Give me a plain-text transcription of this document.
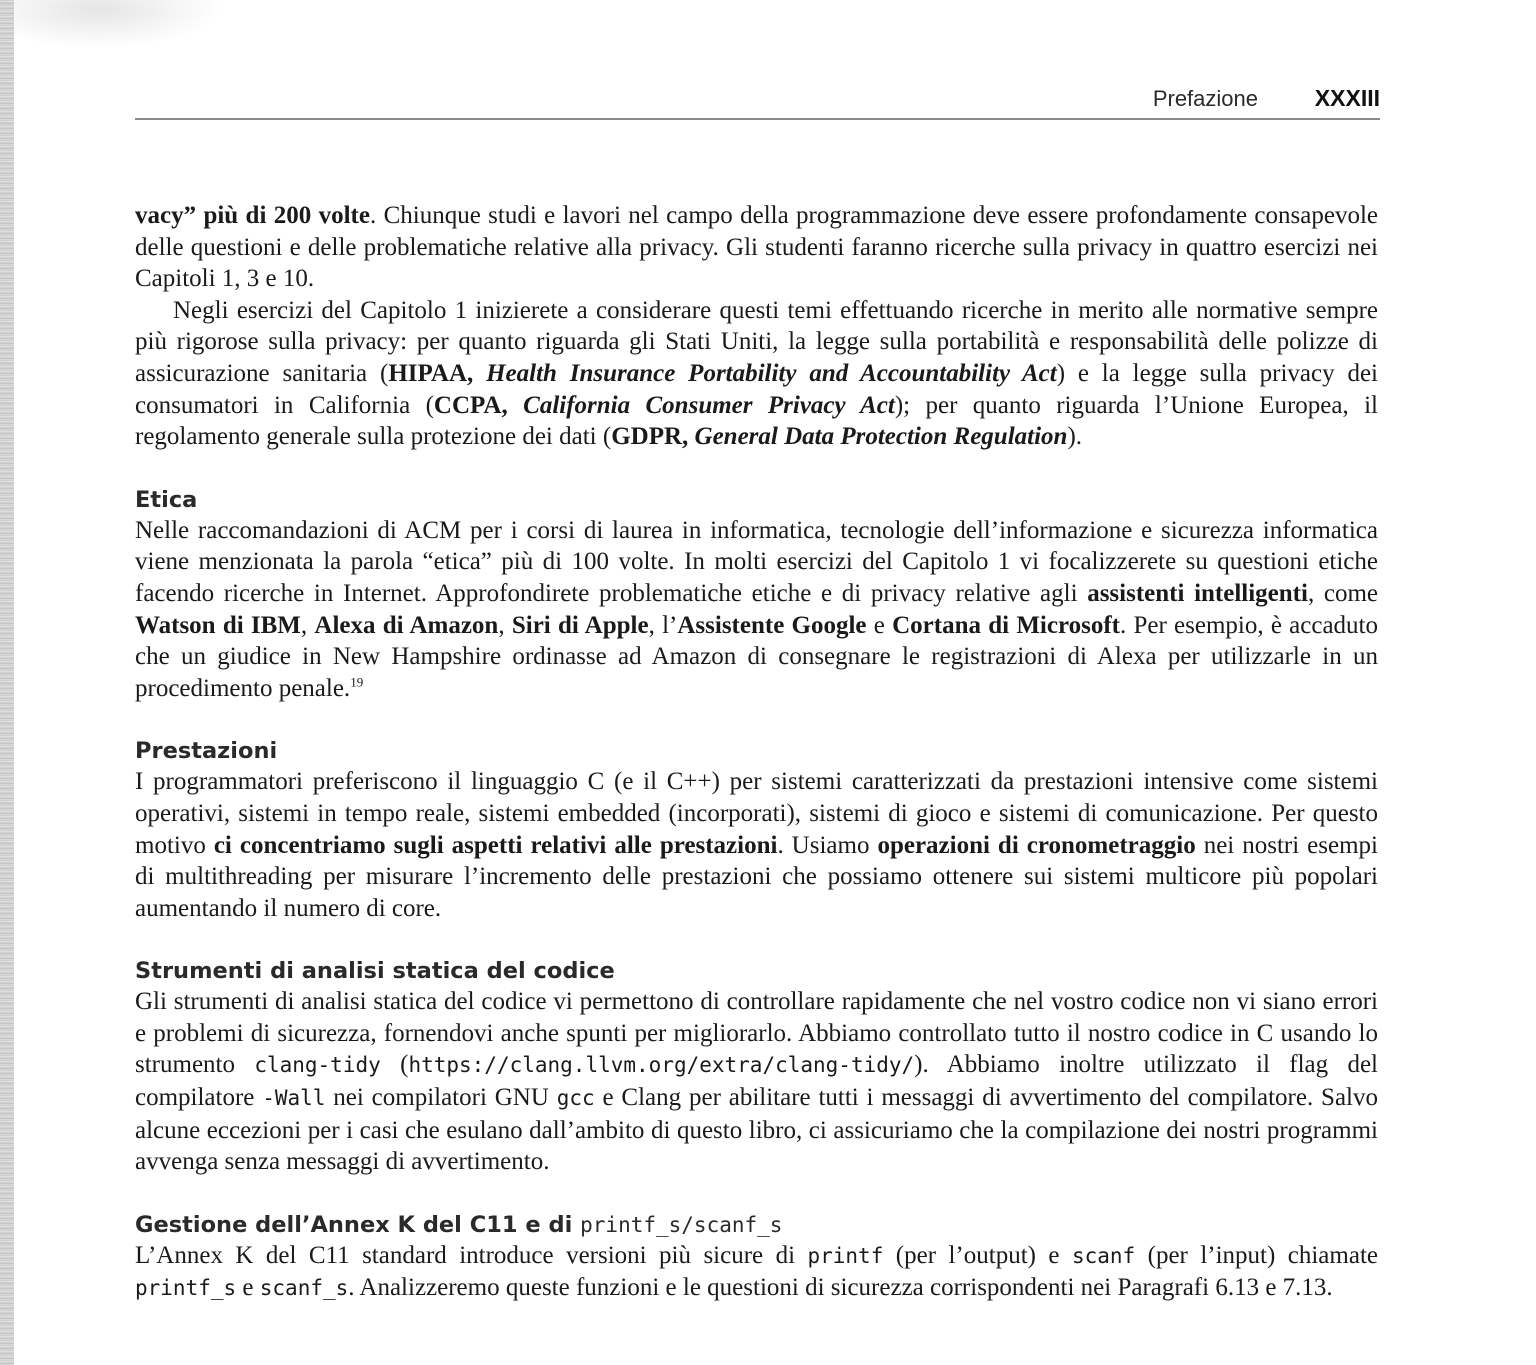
Prefazione XXXIII

vacy” più di 200 volte. Chiunque studi e lavori nel campo della programmazione deve essere profondamente consapevole delle questioni e delle problematiche relative alla privacy. Gli studenti faranno ricerche sulla privacy in quattro esercizi nei Capitoli 1, 3 e 10.

Negli esercizi del Capitolo 1 inizierete a considerare questi temi effettuando ricerche in merito alle normative sempre più rigorose sulla privacy: per quanto riguarda gli Stati Uniti, la legge sulla portabilità e responsabilità delle polizze di assicurazione sanitaria (HIPAA, Health Insurance Portability and Accountability Act) e la legge sulla privacy dei consumatori in California (CCPA, California Consumer Privacy Act); per quanto riguarda l’Unione Europea, il regolamento generale sulla protezione dei dati (GDPR, General Data Protection Regulation).

Etica

Nelle raccomandazioni di ACM per i corsi di laurea in informatica, tecnologie dell’informazione e sicurezza informatica viene menzionata la parola “etica” più di 100 volte. In molti esercizi del Capitolo 1 vi focalizzerete su questioni etiche facendo ricerche in Internet. Approfondirete problematiche etiche e di privacy relative agli assistenti intelligenti, come Watson di IBM, Alexa di Amazon, Siri di Apple, l’Assistente Google e Cortana di Microsoft. Per esempio, è accaduto che un giudice in New Hampshire ordinasse ad Amazon di consegnare le registrazioni di Alexa per utilizzarle in un procedimento penale.$^{19}$

Prestazioni

I programmatori preferiscono il linguaggio C (e il C++) per sistemi caratterizzati da prestazioni intensive come sistemi operativi, sistemi in tempo reale, sistemi embedded (incorporati), sistemi di gioco e sistemi di comunicazione. Per questo motivo ci concentriamo sugli aspetti relativi alle prestazioni. Usiamo operazioni di cronometraggio nei nostri esempi di multithreading per misurare l’incremento delle prestazioni che possiamo ottenere sui sistemi multicore più popolari aumentando il numero di core.

Strumenti di analisi statica del codice

Gli strumenti di analisi statica del codice vi permettono di controllare rapidamente che nel vostro codice non vi siano errori e problemi di sicurezza, fornendovi anche spunti per migliorarlo. Abbiamo controllato tutto il nostro codice in C usando lo strumento clang-tidy (https://clang.llvm.org/extra/clang-tidy/). Abbiamo inoltre utilizzato il flag del compilatore -Wall nei compilatori GNU gcc e Clang per abilitare tutti i messaggi di avvertimento del compilatore. Salvo alcune eccezioni per i casi che esulano dall’ambito di questo libro, ci assicuriamo che la compilazione dei nostri programmi avvenga senza messaggi di avvertimento.

Gestione dell’Annex K del C11 e di printf_s/scanf_s

L’Annex K del C11 standard introduce versioni più sicure di printf (per l’output) e scanf (per l’input) chiamate printf_s e scanf_s. Analizzeremo queste funzioni e le questioni di sicurezza corrispondenti nei Paragrafi 6.13 e 7.13.
